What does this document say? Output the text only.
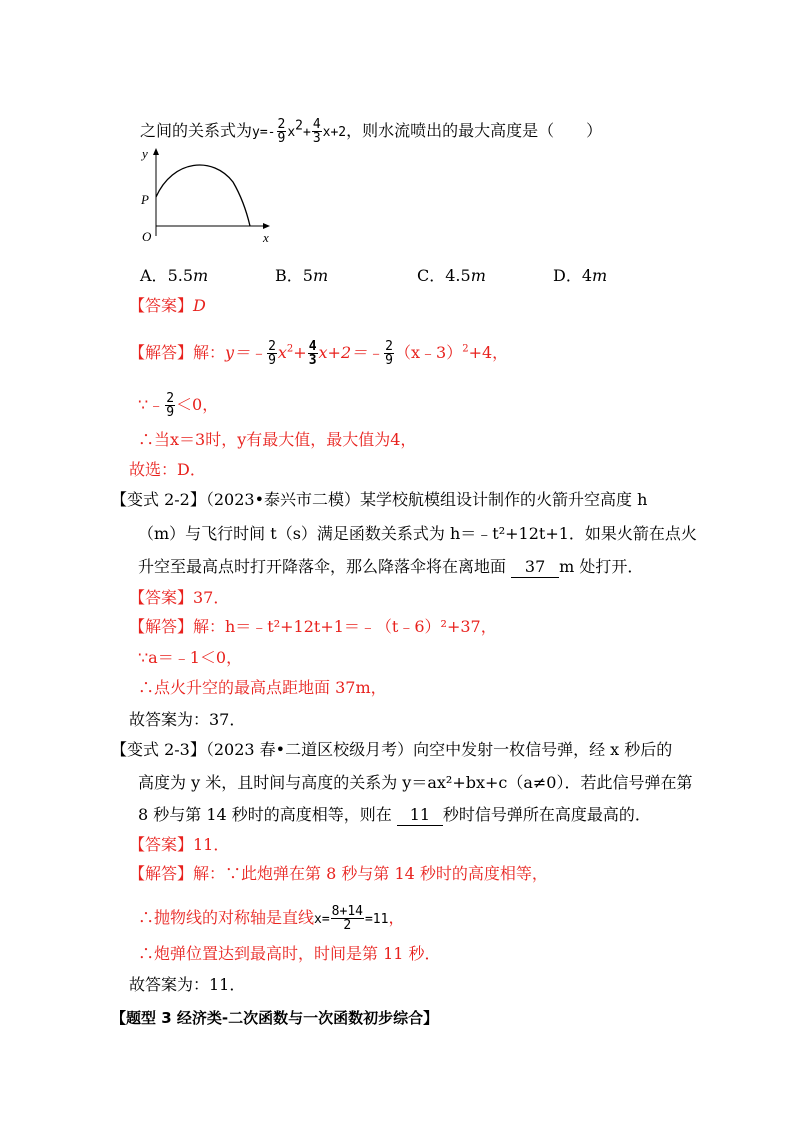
之间的关系式为$y=- \frac{2}{9} x^2+ \frac{4}{3} x+2$，则水流喷出的最大高度是（　　）
y
P
O	x
A．5.5m	B．5m	C．4.5m	D．4m
【答案】D
【解答】解：y＝﹣ $\frac{2}{9} x^2+ \frac{4}{3}$ x+2＝﹣ $\frac{2}{9}$ （x﹣3）$^2$+4，
∵﹣ $\frac{2}{9} <0$，
∴当x＝3时，y有最大值，最大值为4，
故选：D．
【变式 2-2】（2023•泰兴市二模）某学校航模组设计制作的火箭升空高度 h
（m）与飞行时间 t（s）满足函数关系式为 h＝﹣t²+12t+1．如果火箭在点火
升空至最高点时打开降落伞，那么降落伞将在离地面 37 m 处打开．
【答案】37．
【解答】解：h＝﹣t²+12t+1＝﹣（t﹣6）²+37，
∵a＝﹣1＜0，
∴点火升空的最高点距地面 37m，
故答案为：37．
【变式 2-3】（2023 春•二道区校级月考）向空中发射一枚信号弹，经 x 秒后的
高度为 y 米，且时间与高度的关系为 y＝ax²+bx+c（a≠0）．若此信号弹在第
8 秒与第 14 秒时的高度相等，则在 11 秒时信号弹所在高度最高的．
【答案】11．
【解答】解：∵此炮弹在第 8 秒与第 14 秒时的高度相等，
∴抛物线的对称轴是直线$x= \frac{8+14}{2} =11$，
∴炮弹位置达到最高时，时间是第 11 秒．
故答案为：11．
【题型 3 经济类-二次函数与一次函数初步综合】
